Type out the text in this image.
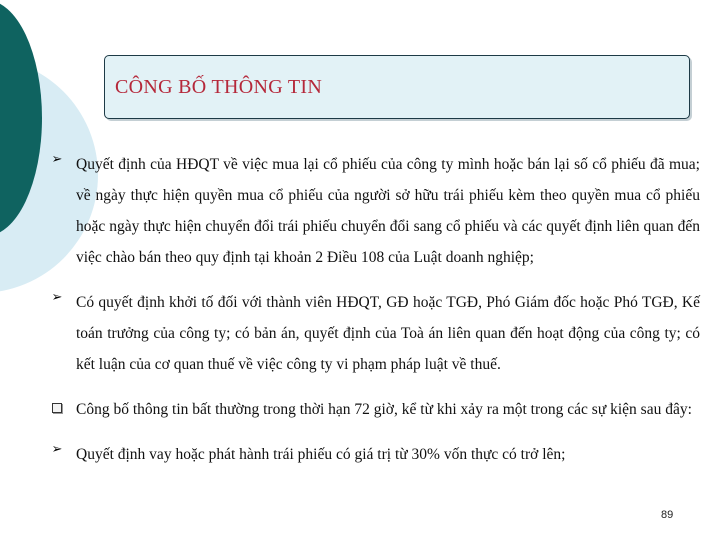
CÔNG BỐ THÔNG TIN
➢ Quyết định của HĐQT về việc mua lại cổ phiếu của công ty mình hoặc bán lại số cổ phiếu đã mua; về ngày thực hiện quyền mua cổ phiếu của người sở hữu trái phiếu kèm theo quyền mua cổ phiếu hoặc ngày thực hiện chuyển đổi trái phiếu chuyển đổi sang cổ phiếu và các quyết định liên quan đến việc chào bán theo quy định tại khoản 2 Điều 108 của Luật doanh nghiệp;
➢ Có quyết định khởi tố đối với thành viên HĐQT, GĐ hoặc TGĐ, Phó Giám đốc hoặc Phó TGĐ, Kế toán trưởng của công ty; có bản án, quyết định của Toà án liên quan đến hoạt động của công ty; có kết luận của cơ quan thuế về việc công ty vi phạm pháp luật về thuế.
Công bố thông tin bất thường trong thời hạn 72 giờ, kể từ khi xảy ra một trong các sự kiện sau đây:
➢ Quyết định vay hoặc phát hành trái phiếu có giá trị từ 30% vốn thực có trở lên;
89
